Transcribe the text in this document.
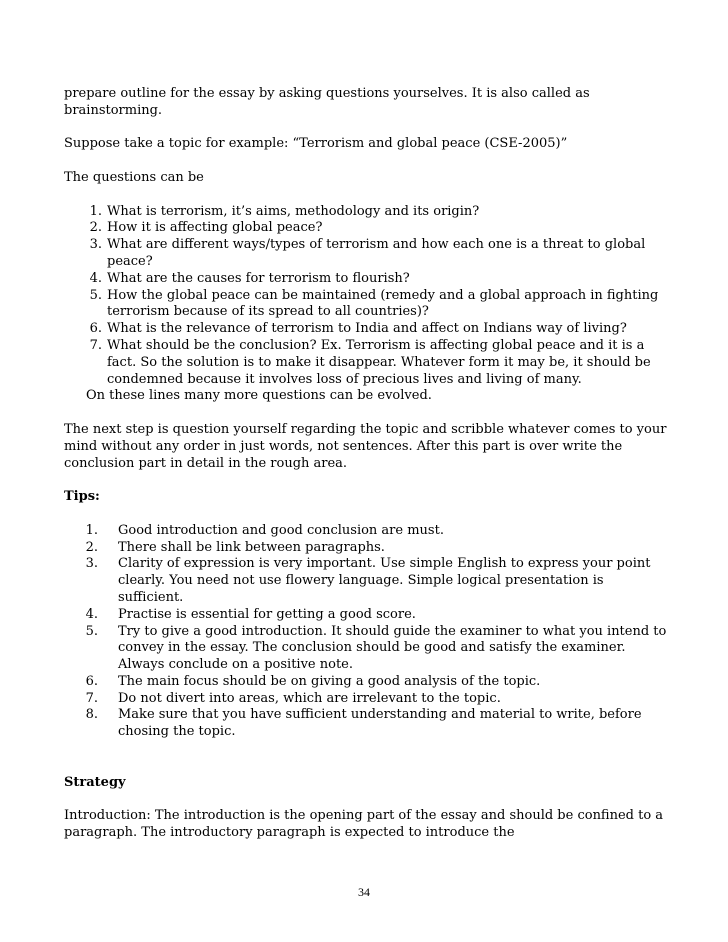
prepare outline for the essay by asking questions yourselves. It is also called as brainstorming.

Suppose take a topic for example: “Terrorism and global peace (CSE-2005)”

The questions can be

1 . What is terrorism, it’s aims, methodology and its origin?
2 . How it is affecting global peace?
3 . What are different ways/types of terrorism and how each one is a threat to global peace?
4 . What are the causes for terrorism to flourish?
5 . How the global peace can be maintained (remedy and a global approach in fighting terrorism because of its spread to all countries)?
6 . What is the relevance of terrorism to India and affect on Indians way of living?
7 . What should be the conclusion? Ex. Terrorism is affecting global peace and it is a fact. So the solution is to make it disappear. Whatever form it may be, it should be condemned because it involves loss of precious lives and living of many.

On these lines many more questions can be evolved.

The next step is question yourself regarding the topic and scribble whatever comes to your mind without any order in just words, not sentences. After this part is over write the conclusion part in detail in the rough area.

Tips:

1 .	Good introduction and good conclusion are must.
2 .	There shall be link between paragraphs.
3 .	Clarity of expression is very important. Use simple English to express your point clearly. You need not use flowery language. Simple logical presentation is sufficient.
4 .	Practise is essential for getting a good score.
5 .	Try to give a good introduction. It should guide the examiner to what you intend to convey in the essay. The conclusion should be good and satisfy the examiner. Always conclude on a positive note.
6 .	The main focus should be on giving a good analysis of the topic.
7 .	Do not divert into areas, which are irrelevant to the topic.
8 .	Make sure that you have sufficient understanding and material to write, before chosing the topic.

Strategy

Introduction: The introduction is the opening part of the essay and should be confined to a paragraph. The introductory paragraph is expected to introduce the

34
